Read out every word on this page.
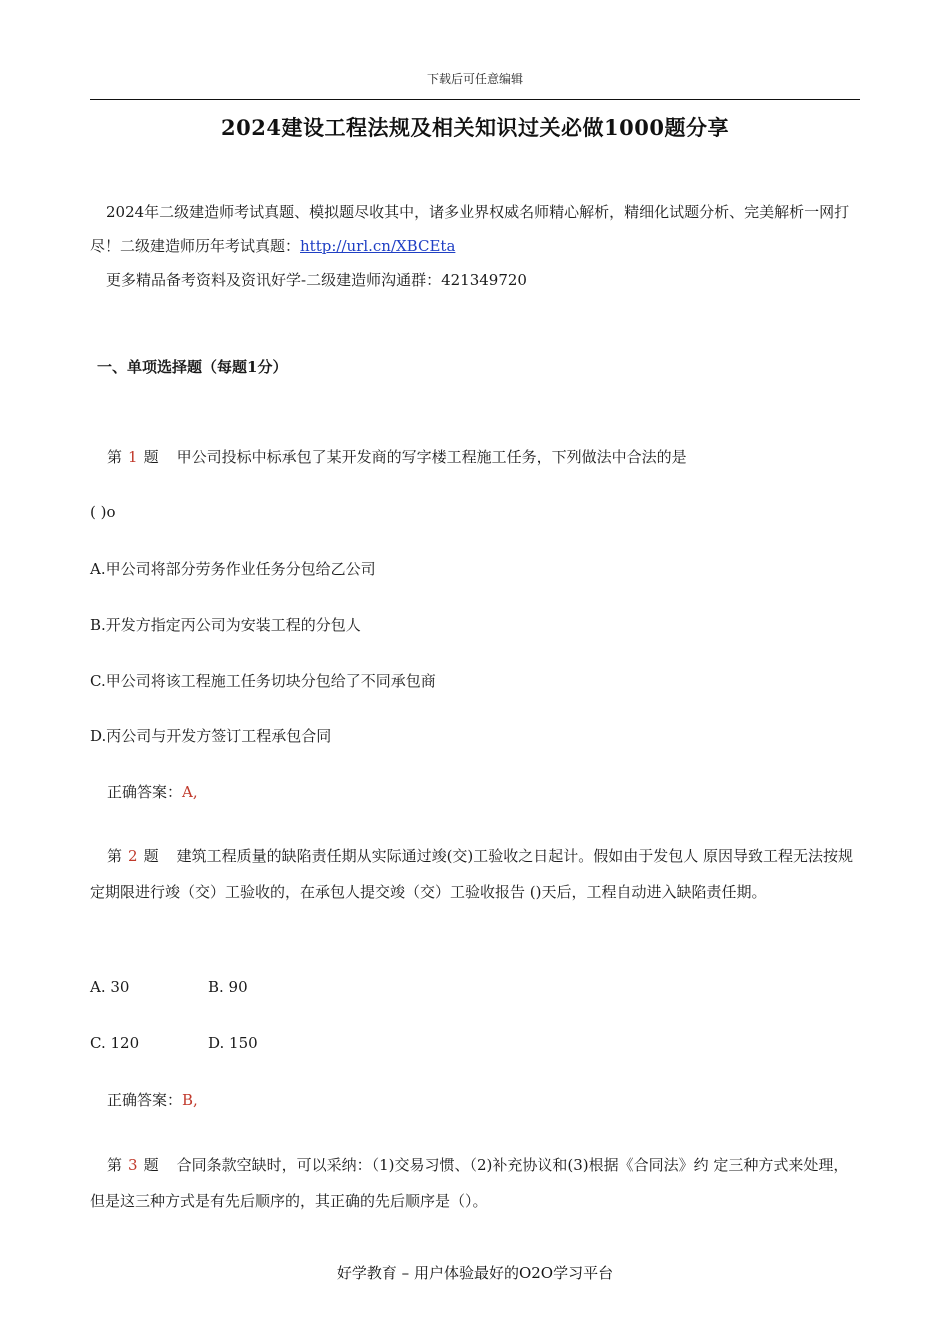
下载后可任意编辑
2024建设工程法规及相关知识过关必做1000题分享

2024年二级建造师考试真题、模拟题尽收其中，诸多业界权威名师精心解析，精细化试题分析、完美解析一网打尽！二级建造师历年考试真题：http://url.cn/XBCEta

更多精品备考资料及资讯好学-二级建造师沟通群：421349720

一、单项选择题（每题1分）
第 1 题 甲公司投标中标承包了某开发商的写字楼工程施工任务，下列做法中合法的是
( )o
A.甲公司将部分劳务作业任务分包给乙公司
B.开发方指定丙公司为安装工程的分包人
C.甲公司将该工程施工任务切块分包给了不同承包商
D.丙公司与开发方签订工程承包合同
正确答案：A,
第 2 题 建筑工程质量的缺陷责任期从实际通过竣(交)工验收之日起计。假如由于发包人 原因导致工程无法按规定期限进行竣（交）工验收的，在承包人提交竣（交）工验收报告 ()天后，工程自动进入缺陷责任期。
A. 30	B. 90
C. 120	D. 150
正确答案：B,
第 3 题 合同条款空缺时，可以采纳：（1)交易习惯、（2)补充协议和(3)根据《合同法》约 定三种方式来处理，但是这三种方式是有先后顺序的，其正确的先后顺序是（）。
好学教育 – 用户体验最好的O2O学习平台
